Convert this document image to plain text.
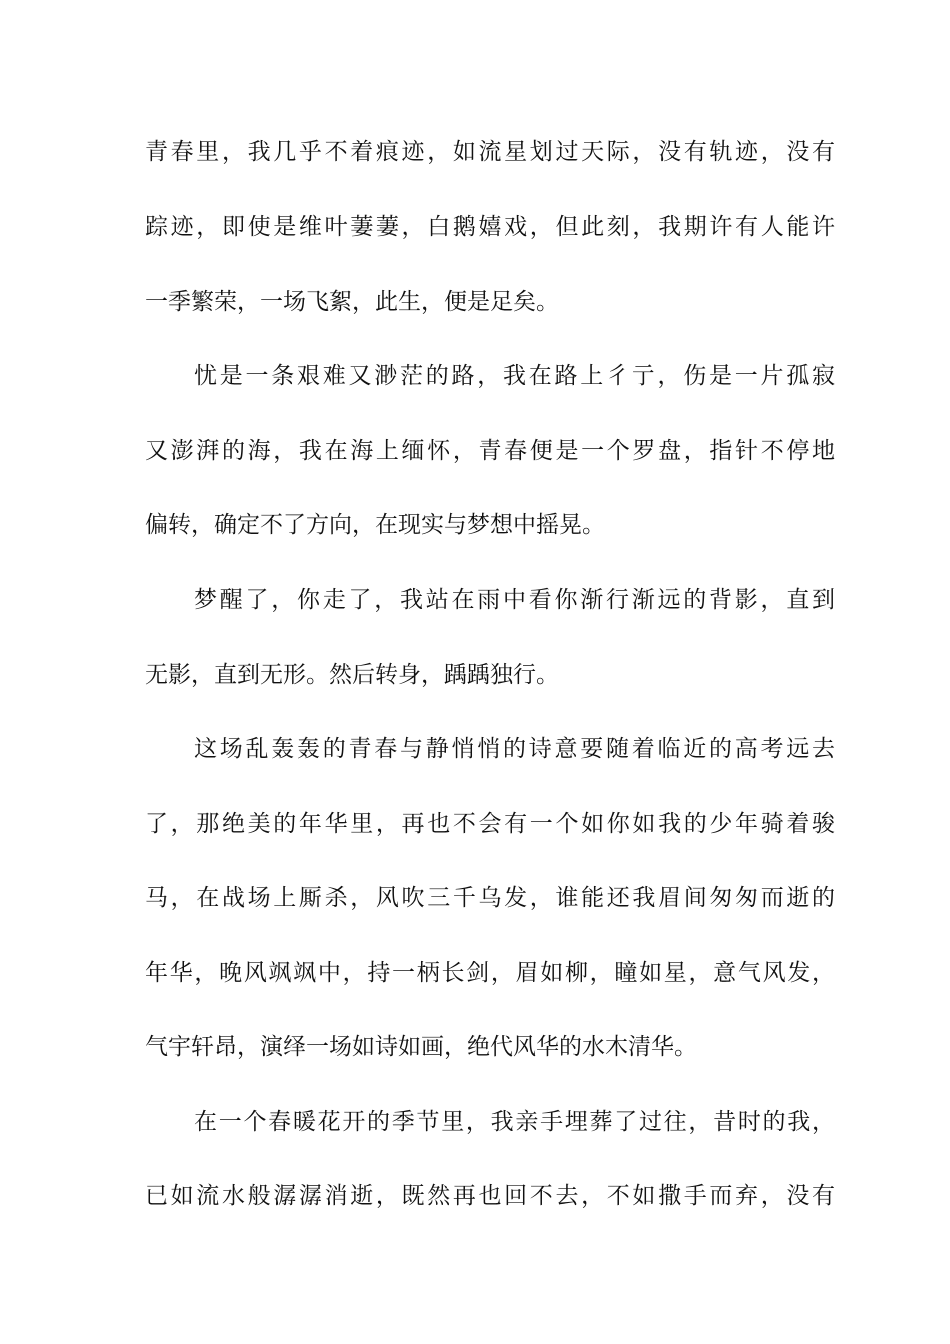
青春里，我几乎不着痕迹，如流星划过天际，没有轨迹，没有
踪迹，即使是维叶萋萋，白鹅嬉戏，但此刻，我期许有人能许
一季繁荣，一场飞絮，此生，便是足矣。
忧是一条艰难又渺茫的路，我在路上彳亍，伤是一片孤寂
又澎湃的海，我在海上缅怀，青春便是一个罗盘，指针不停地
偏转，确定不了方向，在现实与梦想中摇晃。
梦醒了，你走了，我站在雨中看你渐行渐远的背影，直到
无影，直到无形。然后转身，踽踽独行。
这场乱轰轰的青春与静悄悄的诗意要随着临近的高考远去
了，那绝美的年华里，再也不会有一个如你如我的少年骑着骏
马，在战场上厮杀，风吹三千乌发，谁能还我眉间匆匆而逝的
年华，晚风飒飒中，持一柄长剑，眉如柳，瞳如星，意气风发，
气宇轩昂，演绎一场如诗如画，绝代风华的水木清华。
在一个春暖花开的季节里，我亲手埋葬了过往，昔时的我，
已如流水般潺潺消逝，既然再也回不去，不如撒手而弃，没有
